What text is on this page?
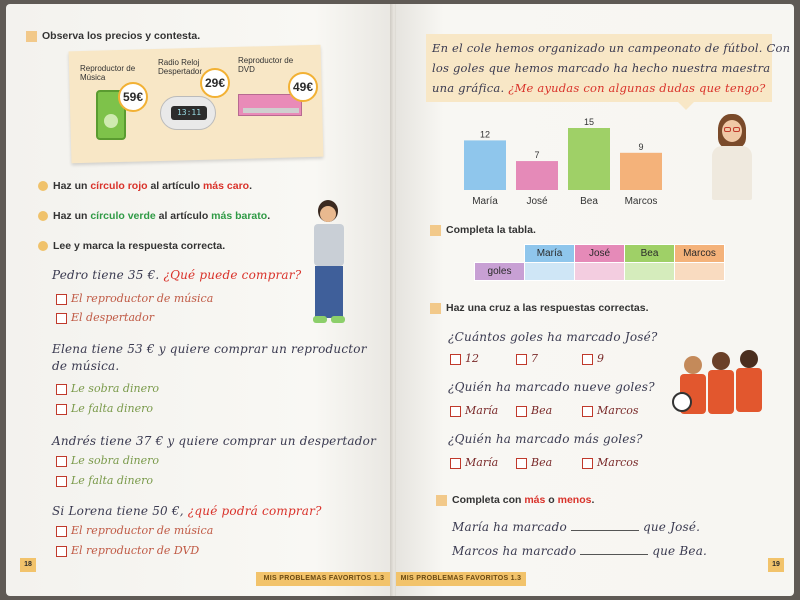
Observa los precios y contesta.
Reproductor de Música
59€
Radio Reloj Despertador
13:11
29€
Reproductor de DVD
49€
Haz un círculo rojo al artículo más caro.
Haz un círculo verde al artículo más barato.
Lee y marca la respuesta correcta.
Pedro tiene 35 €. ¿Qué puede comprar?
El reproductor de música
El despertador
Elena tiene 53 € y quiere comprar un reproductor
de música.
Le sobra dinero
Le falta dinero
Andrés tiene 37 € y quiere comprar un despertador
Le sobra dinero
Le falta dinero
Si Lorena tiene 50 €, ¿qué podrá comprar?
El reproductor de música
El reproductor de DVD
18
MIS PROBLEMAS FAVORITOS 1.3
En el cole hemos organizado un campeonato de fútbol. Con
los goles que hemos marcado ha hecho nuestra maestra
una gráfica. ¿Me ayudas con algunas dudas que tengo?
12
María
7
José
15
Bea
9
Marcos
Completa la tabla.
	María	José	Bea	Marcos
goles				
Haz una cruz a las respuestas correctas.
¿Cuántos goles ha marcado José?
12	7	9
¿Quién ha marcado nueve goles?
María	Bea	Marcos
¿Quién ha marcado más goles?
María	Bea	Marcos
Completa con más o menos.
María ha marcado	que José.
Marcos ha marcado	que Bea.
19
MIS PROBLEMAS FAVORITOS 1.3
